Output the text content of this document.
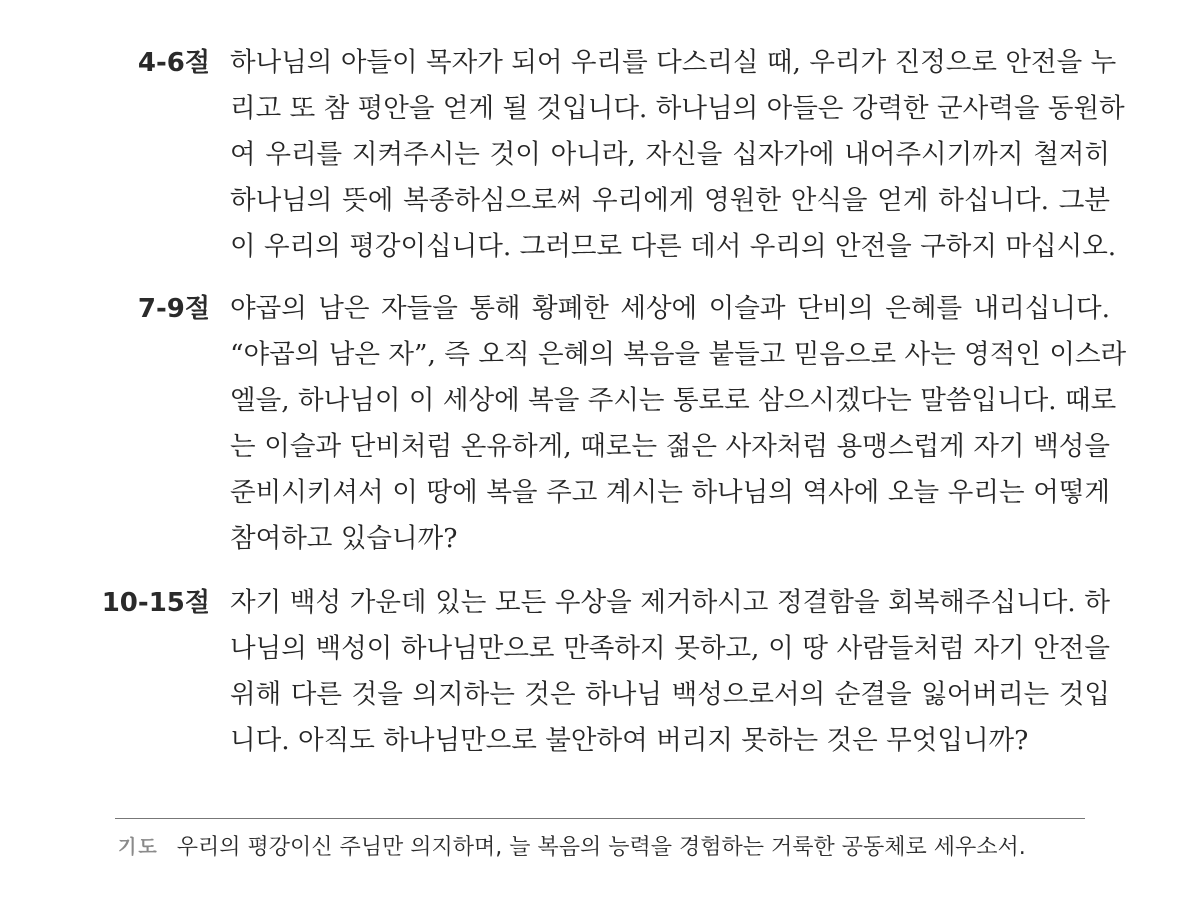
4-6절 하나님의 아들이 목자가 되어 우리를 다스리실 때, 우리가 진정으로 안전을 누
리고 또 참 평안을 얻게 될 것입니다. 하나님의 아들은 강력한 군사력을 동원하
여 우리를 지켜주시는 것이 아니라, 자신을 십자가에 내어주시기까지 철저히
하나님의 뜻에 복종하심으로써 우리에게 영원한 안식을 얻게 하십니다. 그분
이 우리의 평강이십니다. 그러므로 다른 데서 우리의 안전을 구하지 마십시오.
7-9절 야곱의 남은 자들을 통해 황폐한 세상에 이슬과 단비의 은혜를 내리십니다.
“야곱의 남은 자”, 즉 오직 은혜의 복음을 붙들고 믿음으로 사는 영적인 이스라
엘을, 하나님이 이 세상에 복을 주시는 통로로 삼으시겠다는 말씀입니다. 때로
는 이슬과 단비처럼 온유하게, 때로는 젊은 사자처럼 용맹스럽게 자기 백성을
준비시키셔서 이 땅에 복을 주고 계시는 하나님의 역사에 오늘 우리는 어떻게
참여하고 있습니까?
10-15절 자기 백성 가운데 있는 모든 우상을 제거하시고 정결함을 회복해주십니다. 하
나님의 백성이 하나님만으로 만족하지 못하고, 이 땅 사람들처럼 자기 안전을
위해 다른 것을 의지하는 것은 하나님 백성으로서의 순결을 잃어버리는 것입
니다. 아직도 하나님만으로 불안하여 버리지 못하는 것은 무엇입니까?
기도 우리의 평강이신 주님만 의지하며, 늘 복음의 능력을 경험하는 거룩한 공동체로 세우소서.
